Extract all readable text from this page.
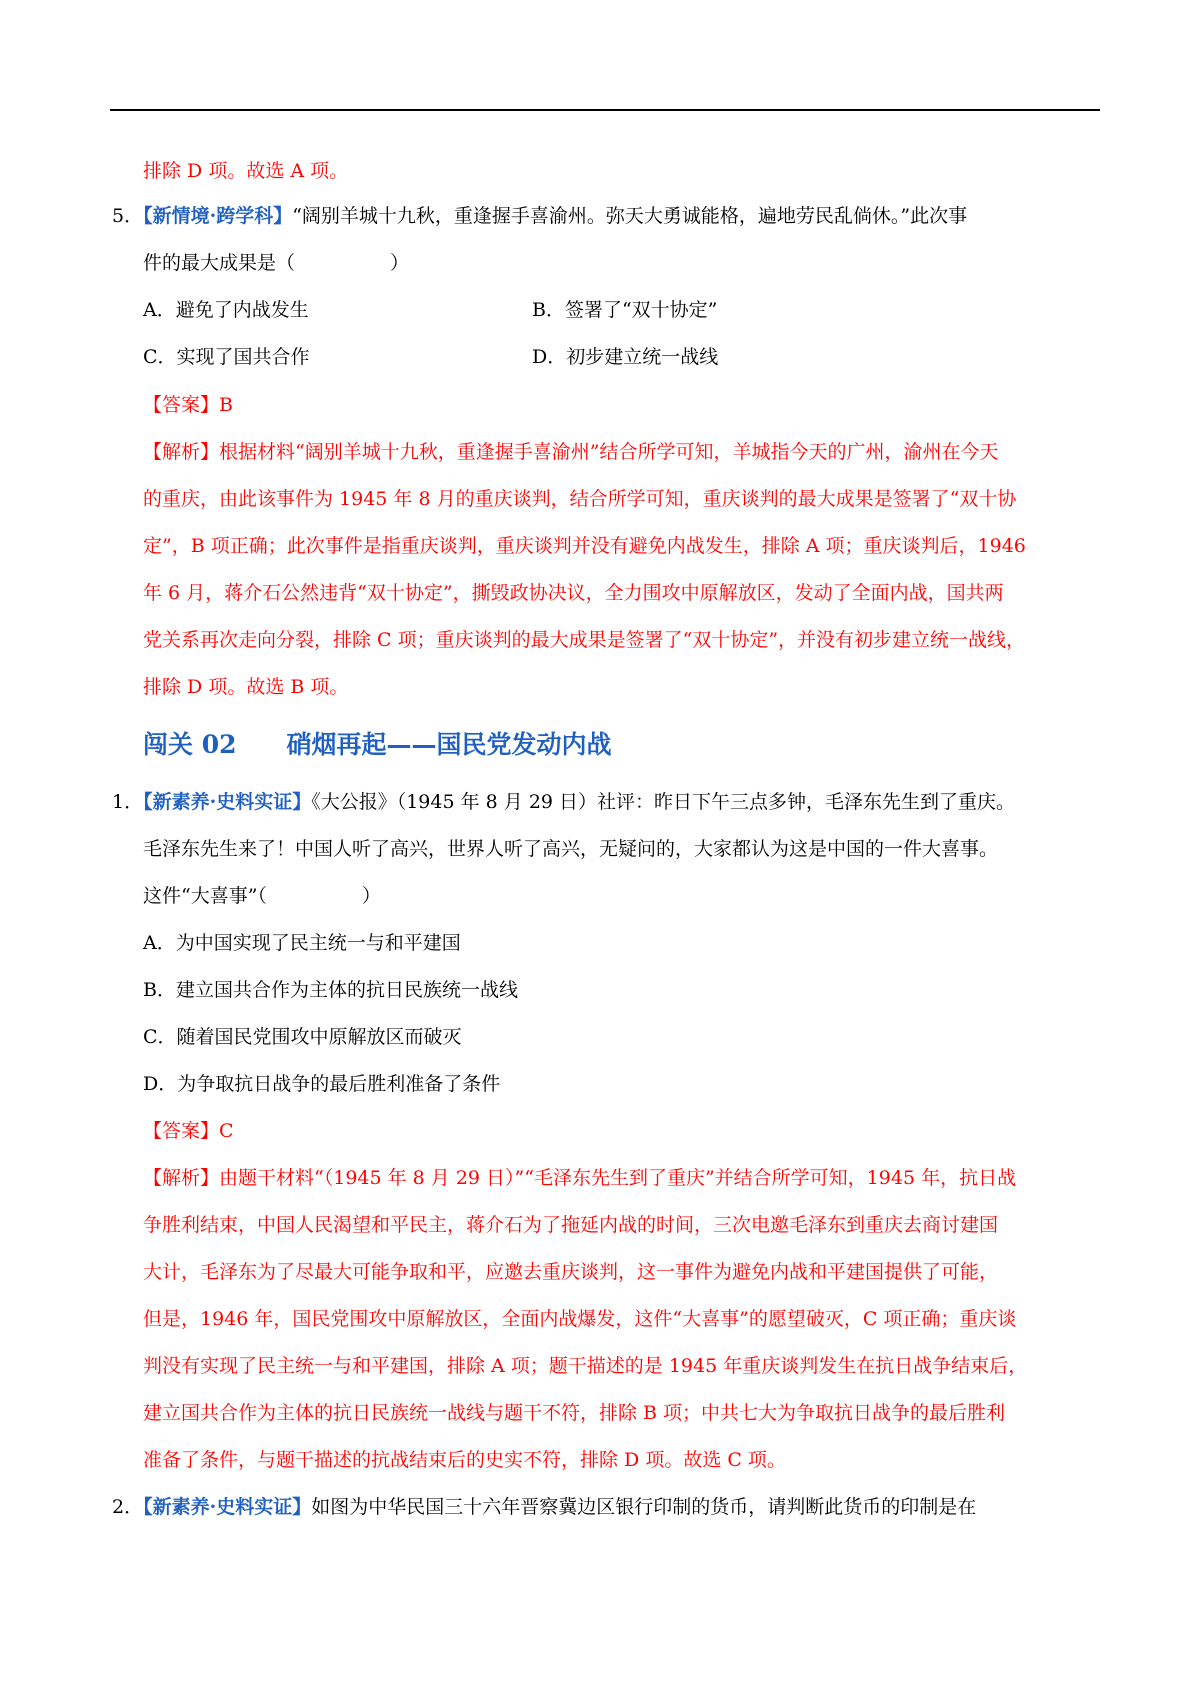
排除 D 项。故选 A 项。
5．【新情境·跨学科】“阔别羊城十九秋，重逢握手喜渝州。弥天大勇诚能格，遍地劳民乱倘休。”此次事
件的最大成果是（　　　　　）
A．避免了内战发生	B．签署了“双十协定”
C．实现了国共合作	D．初步建立统一战线
【答案】B
【解析】根据材料“阔别羊城十九秋，重逢握手喜渝州”结合所学可知，羊城指今天的广州，渝州在今天
的重庆，由此该事件为 1945 年 8 月的重庆谈判，结合所学可知，重庆谈判的最大成果是签署了“双十协
定”，B 项正确；此次事件是指重庆谈判，重庆谈判并没有避免内战发生，排除 A 项；重庆谈判后，1946
年 6 月，蒋介石公然违背“双十协定”，撕毁政协决议，全力围攻中原解放区，发动了全面内战，国共两
党关系再次走向分裂，排除 C 项；重庆谈判的最大成果是签署了“双十协定”，并没有初步建立统一战线，
排除 D 项。故选 B 项。
闯关 02　　硝烟再起——国民党发动内战
1．【新素养·史料实证】《大公报》（1945 年 8 月 29 日）社评：昨日下午三点多钟，毛泽东先生到了重庆。
毛泽东先生来了！中国人听了高兴，世界人听了高兴，无疑问的，大家都认为这是中国的一件大喜事。
这件“大喜事”（　　　　　）
A．为中国实现了民主统一与和平建国
B．建立国共合作为主体的抗日民族统一战线
C．随着国民党围攻中原解放区而破灭
D．为争取抗日战争的最后胜利准备了条件
【答案】C
【解析】由题干材料“（1945 年 8 月 29 日）”“毛泽东先生到了重庆”并结合所学可知，1945 年，抗日战
争胜利结束，中国人民渴望和平民主，蒋介石为了拖延内战的时间，三次电邀毛泽东到重庆去商讨建国
大计，毛泽东为了尽最大可能争取和平，应邀去重庆谈判，这一事件为避免内战和平建国提供了可能，
但是，1946 年，国民党围攻中原解放区，全面内战爆发，这件“大喜事”的愿望破灭，C 项正确；重庆谈
判没有实现了民主统一与和平建国，排除 A 项；题干描述的是 1945 年重庆谈判发生在抗日战争结束后，
建立国共合作为主体的抗日民族统一战线与题干不符，排除 B 项；中共七大为争取抗日战争的最后胜利
准备了条件，与题干描述的抗战结束后的史实不符，排除 D 项。故选 C 项。
2．【新素养·史料实证】如图为中华民国三十六年晋察冀边区银行印制的货币，请判断此货币的印制是在
